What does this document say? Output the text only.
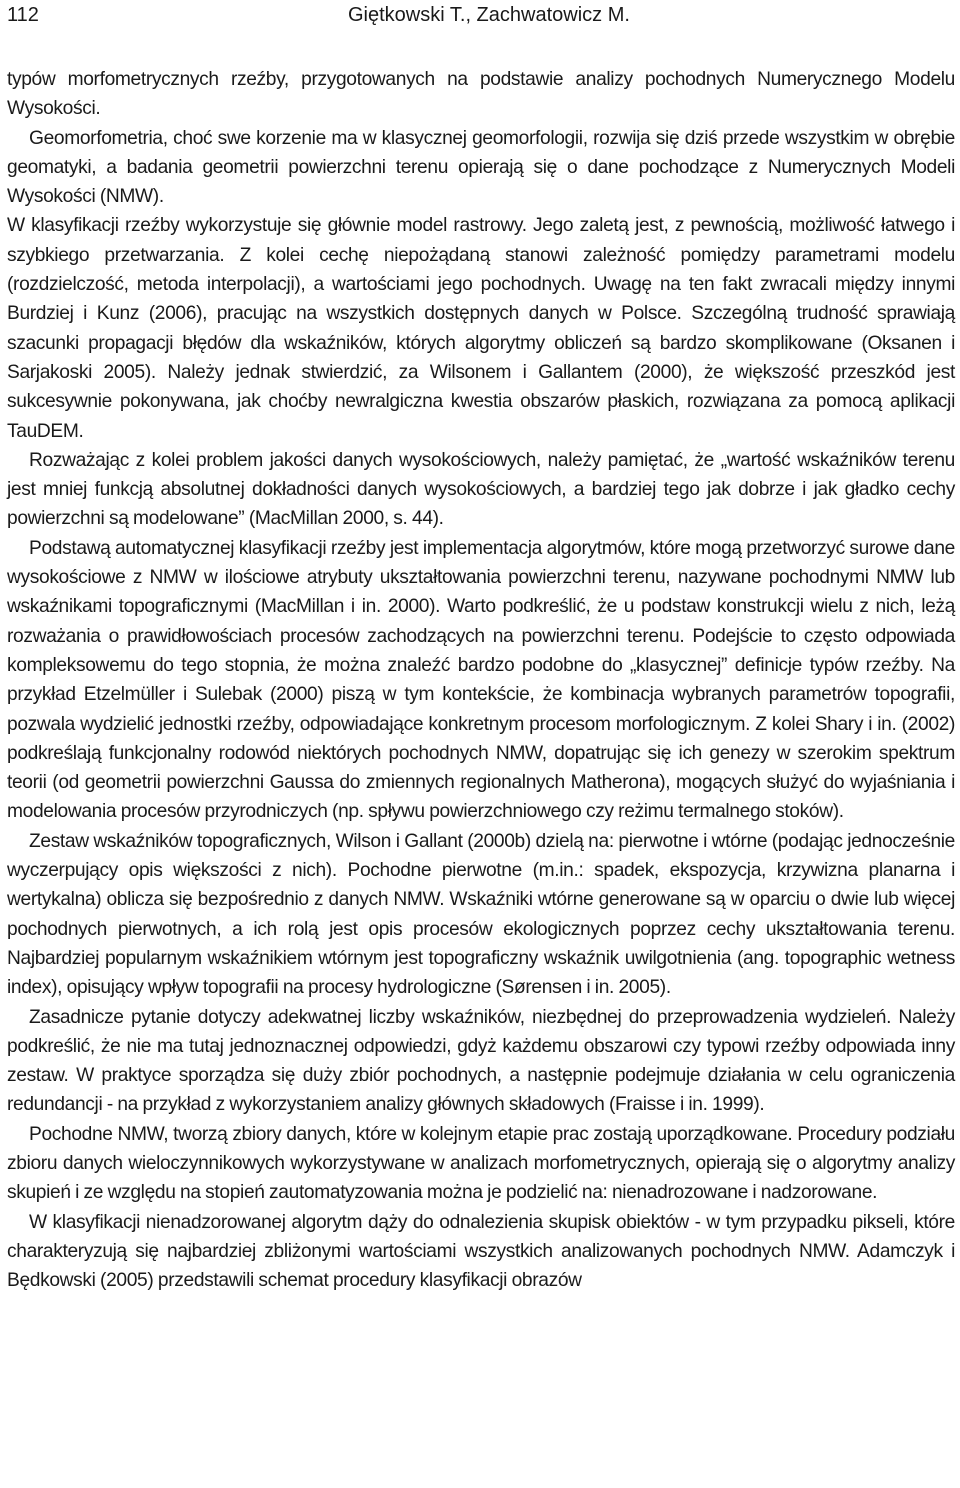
112	Giętkowski T., Zachwatowicz M.

typów morfometrycznych rzeźby, przygotowanych na podstawie analizy pochodnych Numerycznego Modelu Wysokości.

Geomorfometria, choć swe korzenie ma w klasycznej geomorfologii, rozwija się dziś przede wszystkim w obrębie geomatyki, a badania geometrii powierzchni terenu opierają się o dane pochodzące z Numerycznych Modeli Wysokości (NMW).

W klasyfikacji rzeźby wykorzystuje się głównie model rastrowy. Jego zaletą jest, z pewnością, możliwość łatwego i szybkiego przetwarzania. Z kolei cechę niepożądaną stanowi zależność pomiędzy parametrami modelu (rozdzielczość, metoda interpolacji), a wartościami jego pochodnych. Uwagę na ten fakt zwracali między innymi Burdziej i Kunz (2006), pracując na wszystkich dostępnych danych w Polsce. Szczególną trudność sprawiają szacunki propagacji błędów dla wskaźników, których algorytmy obliczeń są bardzo skomplikowane (Oksanen i Sarjakoski 2005). Należy jednak stwierdzić, za Wilsonem i Gallantem (2000), że większość przeszkód jest sukcesywnie pokonywana, jak choćby newralgiczna kwestia obszarów płaskich, rozwiązana za pomocą aplikacji TauDEM.

Rozważając z kolei problem jakości danych wysokościowych, należy pamiętać, że „wartość wskaźników terenu jest mniej funkcją absolutnej dokładności danych wysokościowych, a bardziej tego jak dobrze i jak gładko cechy powierzchni są modelowane” (MacMillan 2000, s. 44).

Podstawą automatycznej klasyfikacji rzeźby jest implementacja algorytmów, które mogą przetworzyć surowe dane wysokościowe z NMW w ilościowe atrybuty ukształtowania powierzchni terenu, nazywane pochodnymi NMW lub wskaźnikami topograficznymi (MacMillan i in. 2000). Warto podkreślić, że u podstaw konstrukcji wielu z nich, leżą rozważania o prawidłowościach procesów zachodzących na powierzchni terenu. Podejście to często odpowiada kompleksowemu do tego stopnia, że można znaleźć bardzo podobne do „klasycznej” definicje typów rzeźby. Na przykład Etzelmüller i Sulebak (2000) piszą w tym kontekście, że kombinacja wybranych parametrów topografii, pozwala wydzielić jednostki rzeźby, odpowiadające konkretnym procesom morfologicznym. Z kolei Shary i in. (2002) podkreślają funkcjonalny rodowód niektórych pochodnych NMW, dopatrując się ich genezy w szerokim spektrum teorii (od geometrii powierzchni Gaussa do zmiennych regionalnych Matherona), mogących służyć do wyjaśniania i modelowania procesów przyrodniczych (np. spływu powierzchniowego czy reżimu termalnego stoków).

Zestaw wskaźników topograficznych, Wilson i Gallant (2000b) dzielą na: pierwotne i wtórne (podając jednocześnie wyczerpujący opis większości z nich). Pochodne pierwotne (m.in.: spadek, ekspozycja, krzywizna planarna i wertykalna) oblicza się bezpośrednio z danych NMW. Wskaźniki wtórne generowane są w oparciu o dwie lub więcej pochodnych pierwotnych, a ich rolą jest opis procesów ekologicznych poprzez cechy ukształtowania terenu. Najbardziej popularnym wskaźnikiem wtórnym jest topograficzny wskaźnik uwilgotnienia (ang. topographic wetness index), opisujący wpływ topografii na procesy hydrologiczne (Sørensen i in. 2005).

Zasadnicze pytanie dotyczy adekwatnej liczby wskaźników, niezbędnej do przeprowadzenia wydzieleń. Należy podkreślić, że nie ma tutaj jednoznacznej odpowiedzi, gdyż każdemu obszarowi czy typowi rzeźby odpowiada inny zestaw. W praktyce sporządza się duży zbiór pochodnych, a następnie podejmuje działania w celu ograniczenia redundancji - na przykład z wykorzystaniem analizy głównych składowych (Fraisse i in. 1999).

Pochodne NMW, tworzą zbiory danych, które w kolejnym etapie prac zostają uporządkowane. Procedury podziału zbioru danych wieloczynnikowych wykorzystywane w analizach morfometrycznych, opierają się o algorytmy analizy skupień i ze względu na stopień zautomatyzowania można je podzielić na: nienadrozowane i nadzorowane.

W klasyfikacji nienadzorowanej algorytm dąży do odnalezienia skupisk obiektów - w tym przypadku pikseli, które charakteryzują się najbardziej zbliżonymi wartościami wszystkich analizowanych pochodnych NMW. Adamczyk i Będkowski (2005) przedstawili schemat procedury klasyfikacji obrazów
